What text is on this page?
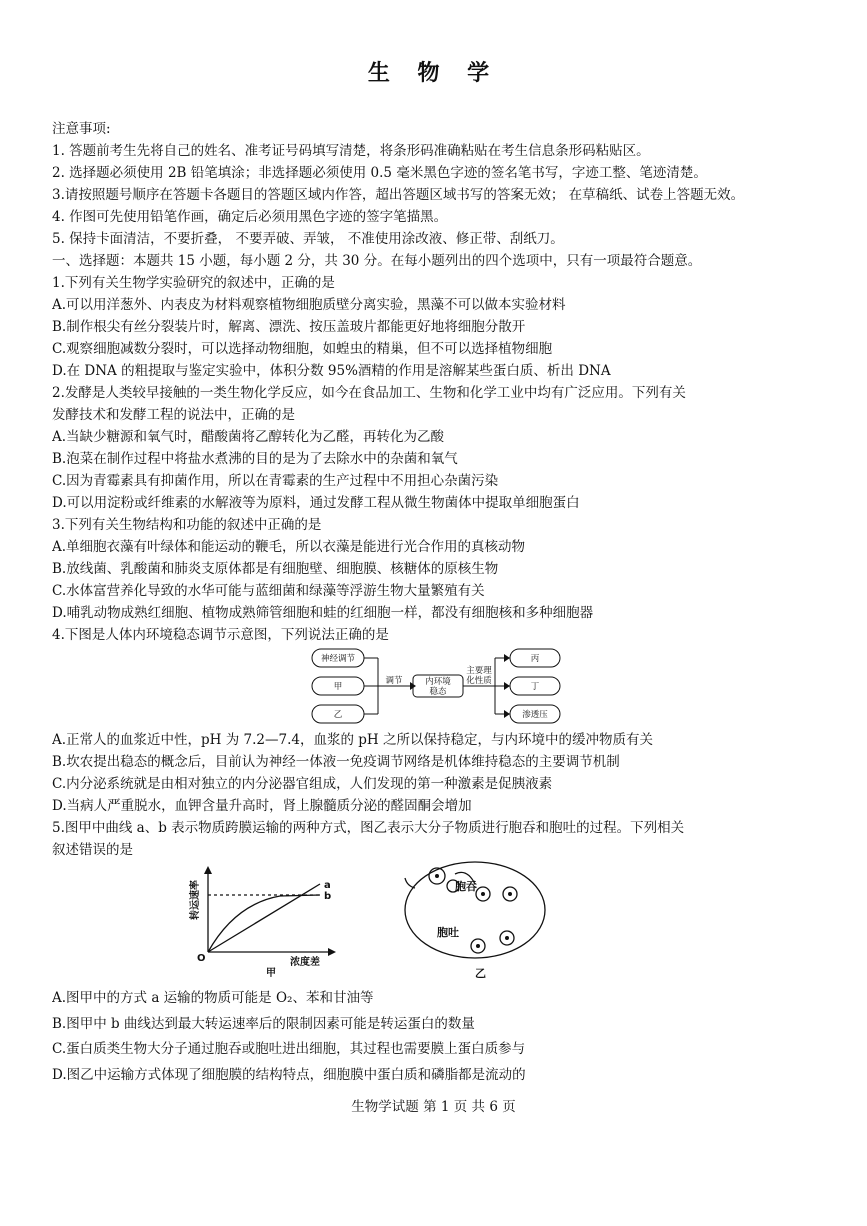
生 物 学
注意事项:
1. 答题前考生先将自己的姓名、准考证号码填写清楚，将条形码准确粘贴在考生信息条形码粘贴区。
2. 选择题必须使用 2B 铅笔填涂；非选择题必须使用 0.5 毫米黑色字迹的签名笔书写，字迹工整、笔迹清楚。
3.请按照题号顺序在答题卡各题目的答题区域内作答，超出答题区域书写的答案无效； 在草稿纸、试卷上答题无效。
4. 作图可先使用铅笔作画，确定后必须用黑色字迹的签字笔描黑。
5. 保持卡面清洁，不要折叠， 不要弄破、弄皱， 不准使用涂改液、修正带、刮纸刀。
一、选择题：本题共 15 小题，每小题 2 分，共 30 分。在每小题列出的四个选项中，只有一项最符合题意。
1.下列有关生物学实验研究的叙述中，正确的是
A.可以用洋葱外、内表皮为材料观察植物细胞质壁分离实验，黑藻不可以做本实验材料
B.制作根尖有丝分裂装片时，解离、漂洗、按压盖玻片都能更好地将细胞分散开
C.观察细胞减数分裂时，可以选择动物细胞，如蝗虫的精巢，但不可以选择植物细胞
D.在 DNA 的粗提取与鉴定实验中，体积分数 95%酒精的作用是溶解某些蛋白质、析出 DNA
2.发酵是人类较早接触的一类生物化学反应，如今在食品加工、生物和化学工业中均有广泛应用。下列有关
发酵技术和发酵工程的说法中，正确的是
A.当缺少糖源和氧气时，醋酸菌将乙醇转化为乙醛，再转化为乙酸
B.泡菜在制作过程中将盐水煮沸的目的是为了去除水中的杂菌和氧气
C.因为青霉素具有抑菌作用，所以在青霉素的生产过程中不用担心杂菌污染
D.可以用淀粉或纤维素的水解液等为原料，通过发酵工程从微生物菌体中提取单细胞蛋白
3.下列有关生物结构和功能的叙述中正确的是
A.单细胞衣藻有叶绿体和能运动的鞭毛，所以衣藻是能进行光合作用的真核动物
B.放线菌、乳酸菌和肺炎支原体都是有细胞壁、细胞膜、核糖体的原核生物
C.水体富营养化导致的水华可能与蓝细菌和绿藻等浮游生物大量繁殖有关
D.哺乳动物成熟红细胞、植物成熟筛管细胞和蛙的红细胞一样，都没有细胞核和多种细胞器
4.下图是人体内环境稳态调节示意图，下列说法正确的是
神经调节
甲
乙
调节	内环境
稳态
主要理
化性质
丙
丁
渗透压
A.正常人的血浆近中性，pH 为 7.2—7.4，血浆的 pH 之所以保持稳定，与内环境中的缓冲物质有关
B.坎农提出稳态的概念后，目前认为神经一体液一免疫调节网络是机体维持稳态的主要调节机制
C.内分泌系统就是由相对独立的内分泌器官组成，人们发现的第一种激素是促胰液素
D.当病人严重脱水，血钾含量升高时，肾上腺髓质分泌的醛固酮会增加
5.图甲中曲线 a、b 表示物质跨膜运输的两种方式，图乙表示大分子物质进行胞吞和胞吐的过程。下列相关
叙述错误的是
a
b
O	浓度差
甲
转运速率	胞吞
胞吐
乙
A.图甲中的方式 a 运输的物质可能是 O₂、苯和甘油等
B.图甲中 b 曲线达到最大转运速率后的限制因素可能是转运蛋白的数量
C.蛋白质类生物大分子通过胞吞或胞吐进出细胞，其过程也需要膜上蛋白质参与
D.图乙中运输方式体现了细胞膜的结构特点，细胞膜中蛋白质和磷脂都是流动的
生物学试题 第 1 页 共 6 页
